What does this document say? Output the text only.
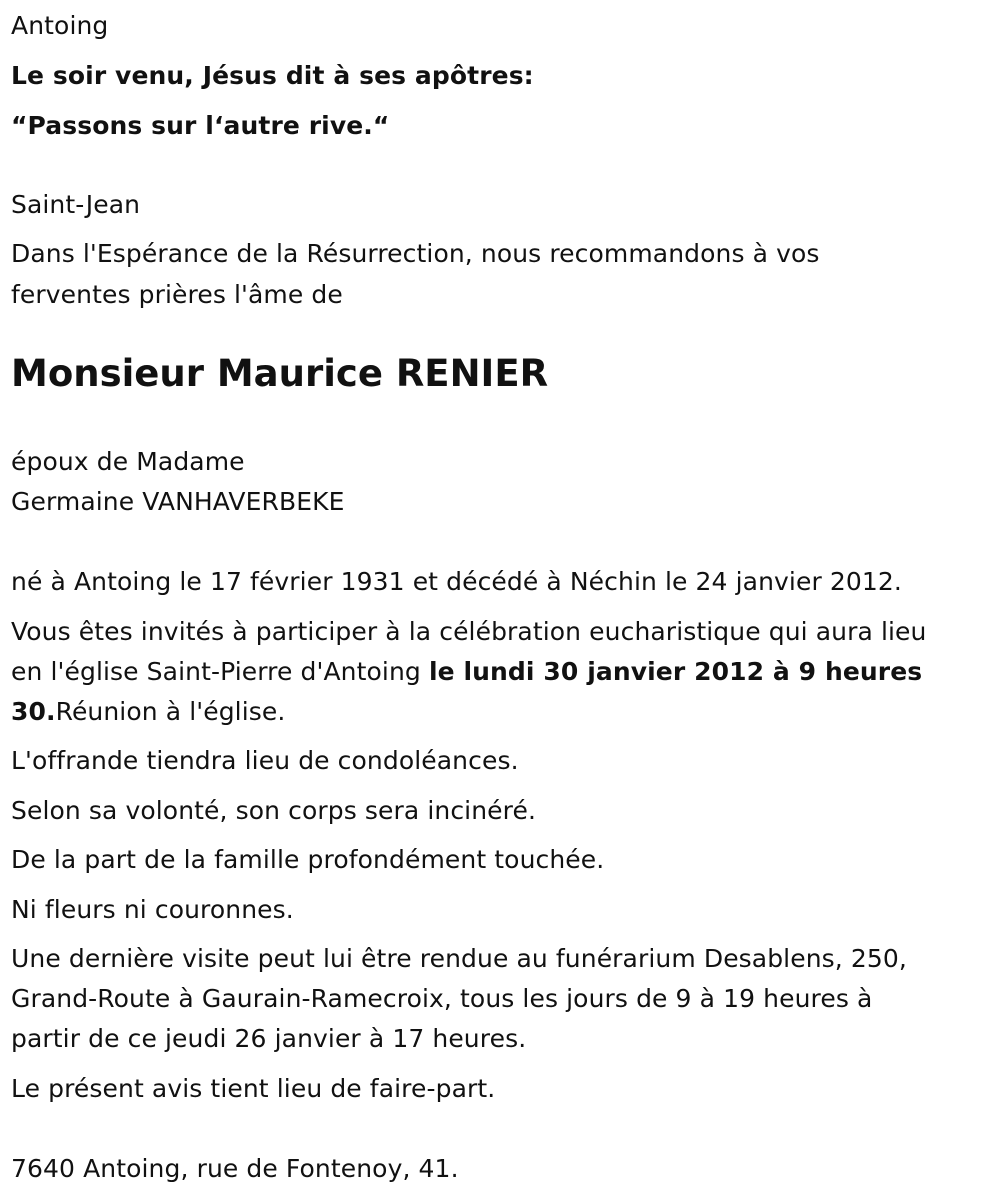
Antoing
Le soir venu, Jésus dit à ses apôtres:
“Passons sur l‘autre rive.“
Saint-Jean
Dans l'Espérance de la Résurrection, nous recommandons à vos
ferventes prières l'âme de
Monsieur Maurice RENIER
époux de Madame
Germaine VANHAVERBEKE
né à Antoing le 17 février 1931 et décédé à Néchin le 24 janvier 2012.
Vous êtes invités à participer à la célébration eucharistique qui aura lieu
en l'église Saint-Pierre d'Antoing le lundi 30 janvier 2012 à 9 heures
30.Réunion à l'église.
L'offrande tiendra lieu de condoléances.
Selon sa volonté, son corps sera incinéré.
De la part de la famille profondément touchée.
Ni fleurs ni couronnes.
Une dernière visite peut lui être rendue au funérarium Desablens, 250,
Grand-Route à Gaurain-Ramecroix, tous les jours de 9 à 19 heures à
partir de ce jeudi 26 janvier à 17 heures.
Le présent avis tient lieu de faire-part.
7640 Antoing, rue de Fontenoy, 41.
